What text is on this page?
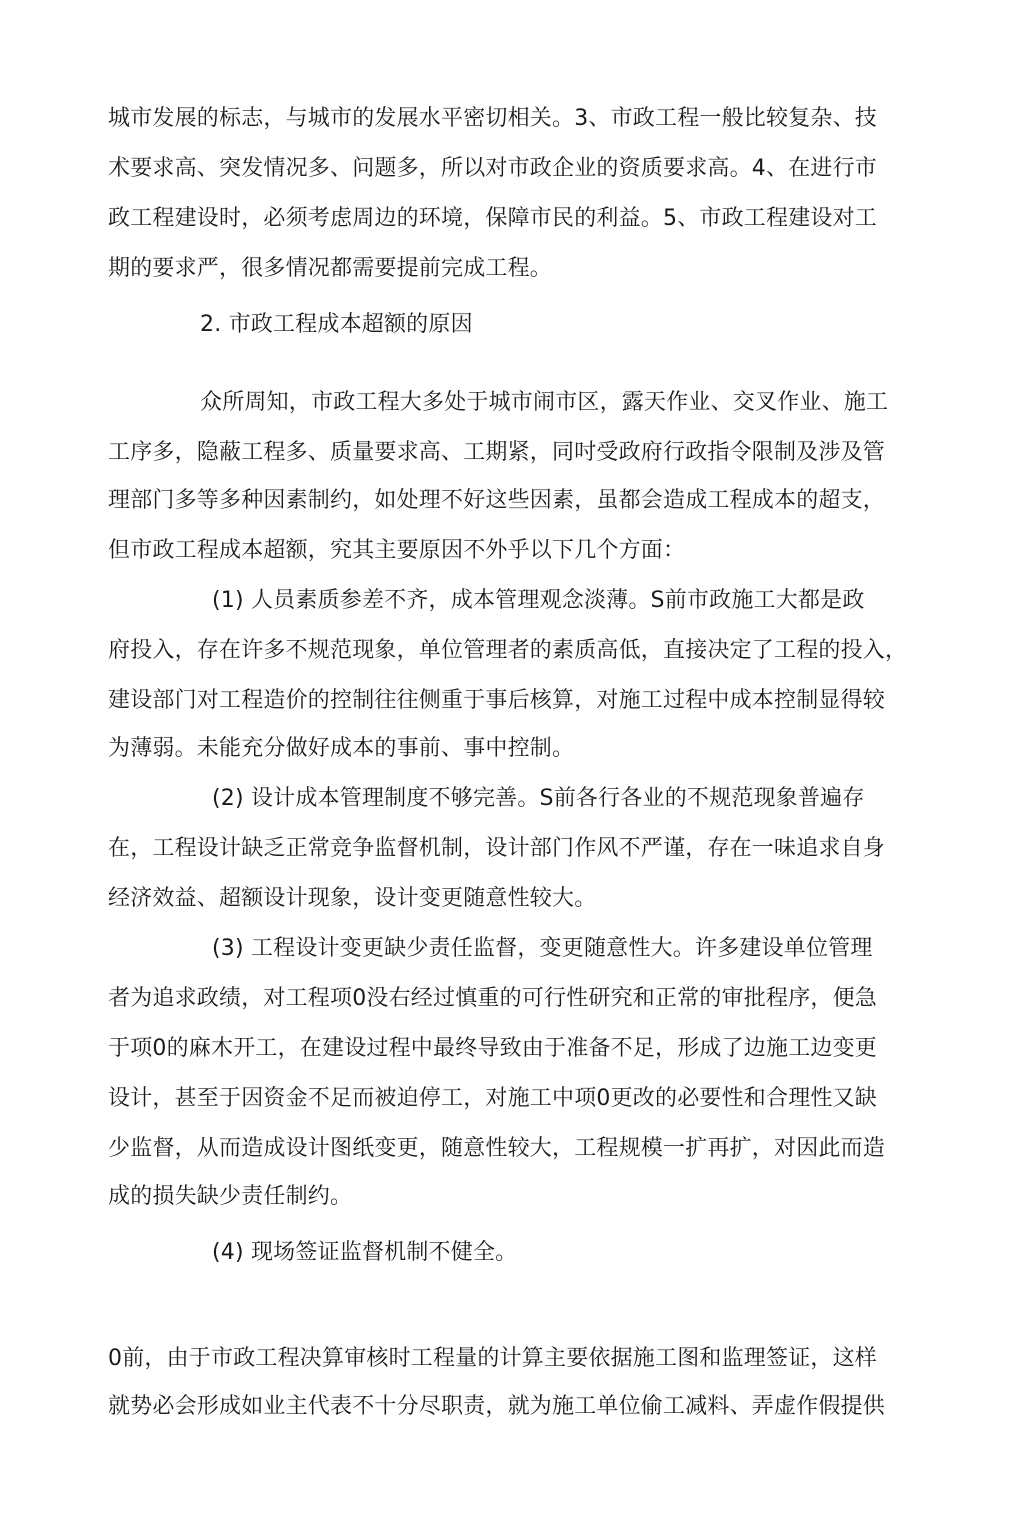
城市发展的标志，与城市的发展水平密切相关。3、市政工程一般比较复杂、技
术要求高、突发情况多、问题多，所以对市政企业的资质要求高。4、在进行市
政工程建设时，必须考虑周边的环境，保障市民的利益。5、市政工程建设对工
期的要求严，很多情况都需要提前完成工程。
2. 市政工程成本超额的原因
众所周知，市政工程大多处于城市闹市区，露天作业、交叉作业、施工
工序多，隐蔽工程多、质量要求高、工期紧，同吋受政府行政指令限制及涉及管
理部门多等多种因素制约，如处理不好这些因素，虽都会造成工程成本的超支，
但市政工程成本超额，究其主要原因不外乎以下几个方面：
(1) 人员素质参差不齐，成本管理观念淡薄。S前市政施工大都是政
府投入，存在许多不规范现象，单位管理者的素质高低，直接决定了工程的投入，
建设部门对工程造价的控制往往侧重于事后核算，对施工过程中成本控制显得较
为薄弱。未能充分做好成本的事前、事中控制。
(2) 设计成本管理制度不够完善。S前各行各业的不规范现象普遍存
在，工程设计缺乏正常竞争监督机制，设计部门作风不严谨，存在一味追求自身
经济效益、超额设计现象，设计变更随意性较大。
(3) 工程设计变更缺少责任监督，变更随意性大。许多建设单位管理
者为追求政绩，对工程项0没右经过慎重的可行性研究和正常的审批程序，便急
于项0的麻木开工，在建设过程中最终导致由于准备不足，形成了边施工边变更
设计，甚至于因资金不足而被迫停工，对施工中项0更改的必要性和合理性又缺
少监督，从而造成设计图纸变更，随意性较大，工程规模一扩再扩，对因此而造
成的损失缺少责任制约。
(4) 现场签证监督机制不健全。
0前，由于市政工程决算审核时工程量的计算主要依据施工图和监理签证，这样
就势必会形成如业主代表不十分尽职责，就为施工单位偷工减料、弄虚作假提供
